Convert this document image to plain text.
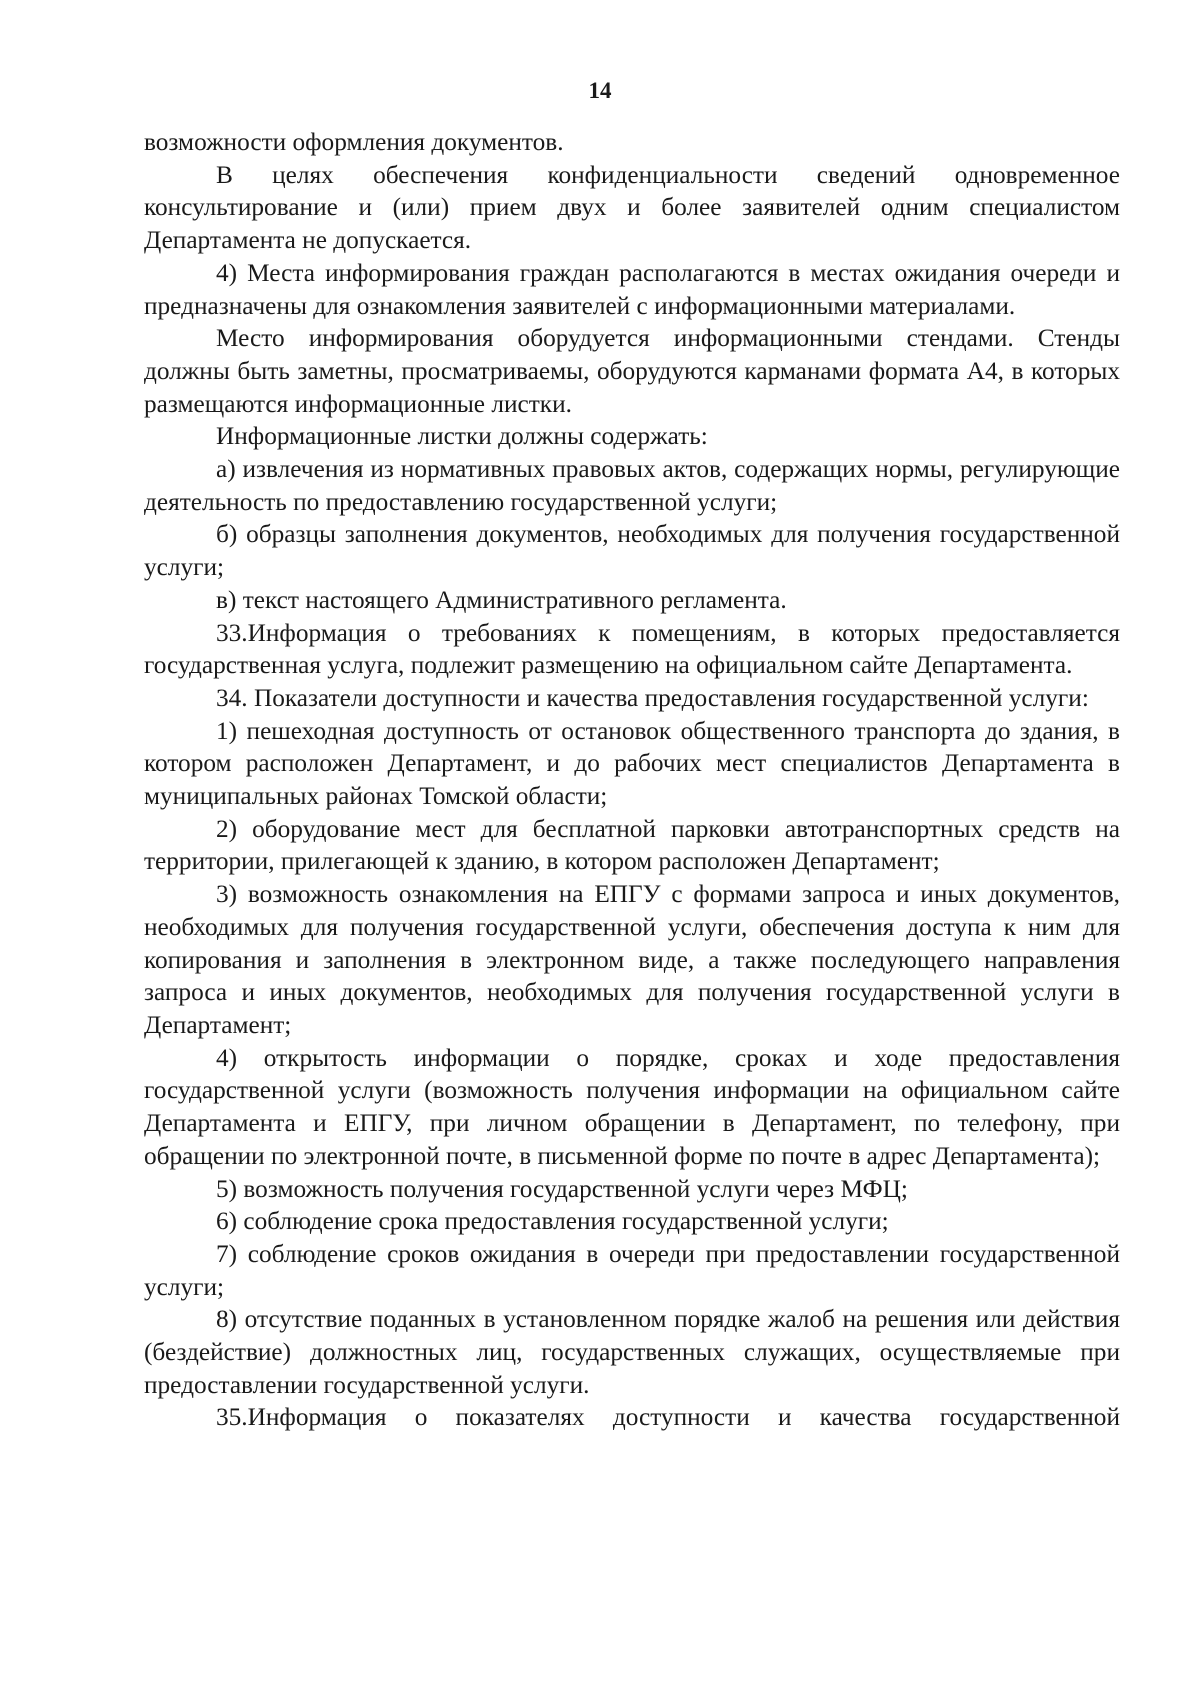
14

возможности оформления документов.

В целях обеспечения конфиденциальности сведений одновременное консультирование и (или) прием двух и более заявителей одним специалистом Департамента не допускается.

4) Места информирования граждан располагаются в местах ожидания очереди и предназначены для ознакомления заявителей с информационными материалами.

Место информирования оборудуется информационными стендами. Стенды должны быть заметны, просматриваемы, оборудуются карманами формата А4, в которых размещаются информационные листки.

Информационные листки должны содержать:

а) извлечения из нормативных правовых актов, содержащих нормы, регулирующие деятельность по предоставлению государственной услуги;

б) образцы заполнения документов, необходимых для получения государственной услуги;

в) текст настоящего Административного регламента.

33.Информация о требованиях к помещениям, в которых предоставляется государственная услуга, подлежит размещению на официальном сайте Департамента.

34. Показатели доступности и качества предоставления государственной услуги:

1) пешеходная доступность от остановок общественного транспорта до здания, в котором расположен Департамент, и до рабочих мест специалистов Департамента в муниципальных районах Томской области;

2) оборудование мест для бесплатной парковки автотранспортных средств на территории, прилегающей к зданию, в котором расположен Департамент;

3) возможность ознакомления на ЕПГУ с формами запроса и иных документов, необходимых для получения государственной услуги, обеспечения доступа к ним для копирования и заполнения в электронном виде, а также последующего направления запроса и иных документов, необходимых для получения государственной услуги в Департамент;

4) открытость информации о порядке, сроках и ходе предоставления государственной услуги (возможность получения информации на официальном сайте Департамента и ЕПГУ, при личном обращении в Департамент, по телефону, при обращении по электронной почте, в письменной форме по почте в адрес Департамента);

5) возможность получения государственной услуги через МФЦ;

6) соблюдение срока предоставления государственной услуги;

7) соблюдение сроков ожидания в очереди при предоставлении государственной услуги;

8) отсутствие поданных в установленном порядке жалоб на решения или действия (бездействие) должностных лиц, государственных служащих, осуществляемые при предоставлении государственной услуги.

35.Информация о показателях доступности и качества государственной
